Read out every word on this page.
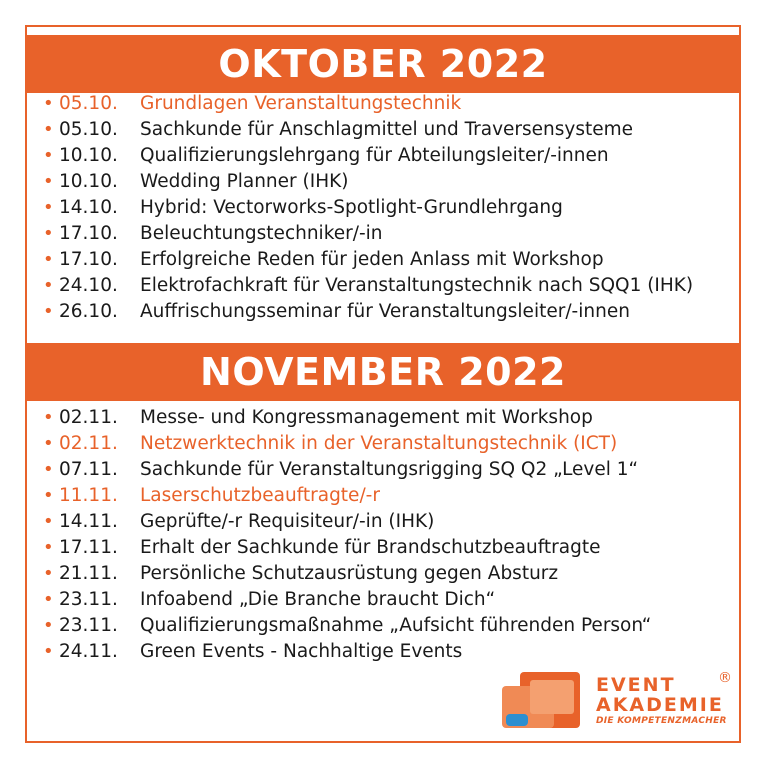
OKTOBER 2022
• 05.10.	Grundlagen Veranstaltungstechnik
• 05.10.	Sachkunde für Anschlagmittel und Traversensysteme
• 10.10.	Qualifizierungslehrgang für Abteilungsleiter/-innen
• 10.10.	Wedding Planner (IHK)
• 14.10.	Hybrid: Vectorworks-Spotlight-Grundlehrgang
• 17.10.	Beleuchtungstechniker/-in
• 17.10.	Erfolgreiche Reden für jeden Anlass mit Workshop
• 24.10.	Elektrofachkraft für Veranstaltungstechnik nach SQQ1 (IHK)
• 26.10.	Auffrischungsseminar für Veranstaltungsleiter/-innen
NOVEMBER 2022
• 02.11.	Messe- und Kongressmanagement mit Workshop
• 02.11.	Netzwerktechnik in der Veranstaltungstechnik (ICT)
• 07.11.	Sachkunde für Veranstaltungsrigging SQ Q2 „Level 1“
• 11.11.	Laserschutzbeauftragte/-r
• 14.11.	Geprüfte/-r Requisiteur/-in (IHK)
• 17.11.	Erhalt der Sachkunde für Brandschutzbeauftragte
• 21.11.	Persönliche Schutzausrüstung gegen Absturz
• 23.11.	Infoabend „Die Branche braucht Dich“
• 23.11.	Qualifizierungsmaßnahme „Aufsicht führenden Person“
• 24.11.	Green Events - Nachhaltige Events
EVENT
AKADEMIE
DIE KOMPETENZMACHER
®
